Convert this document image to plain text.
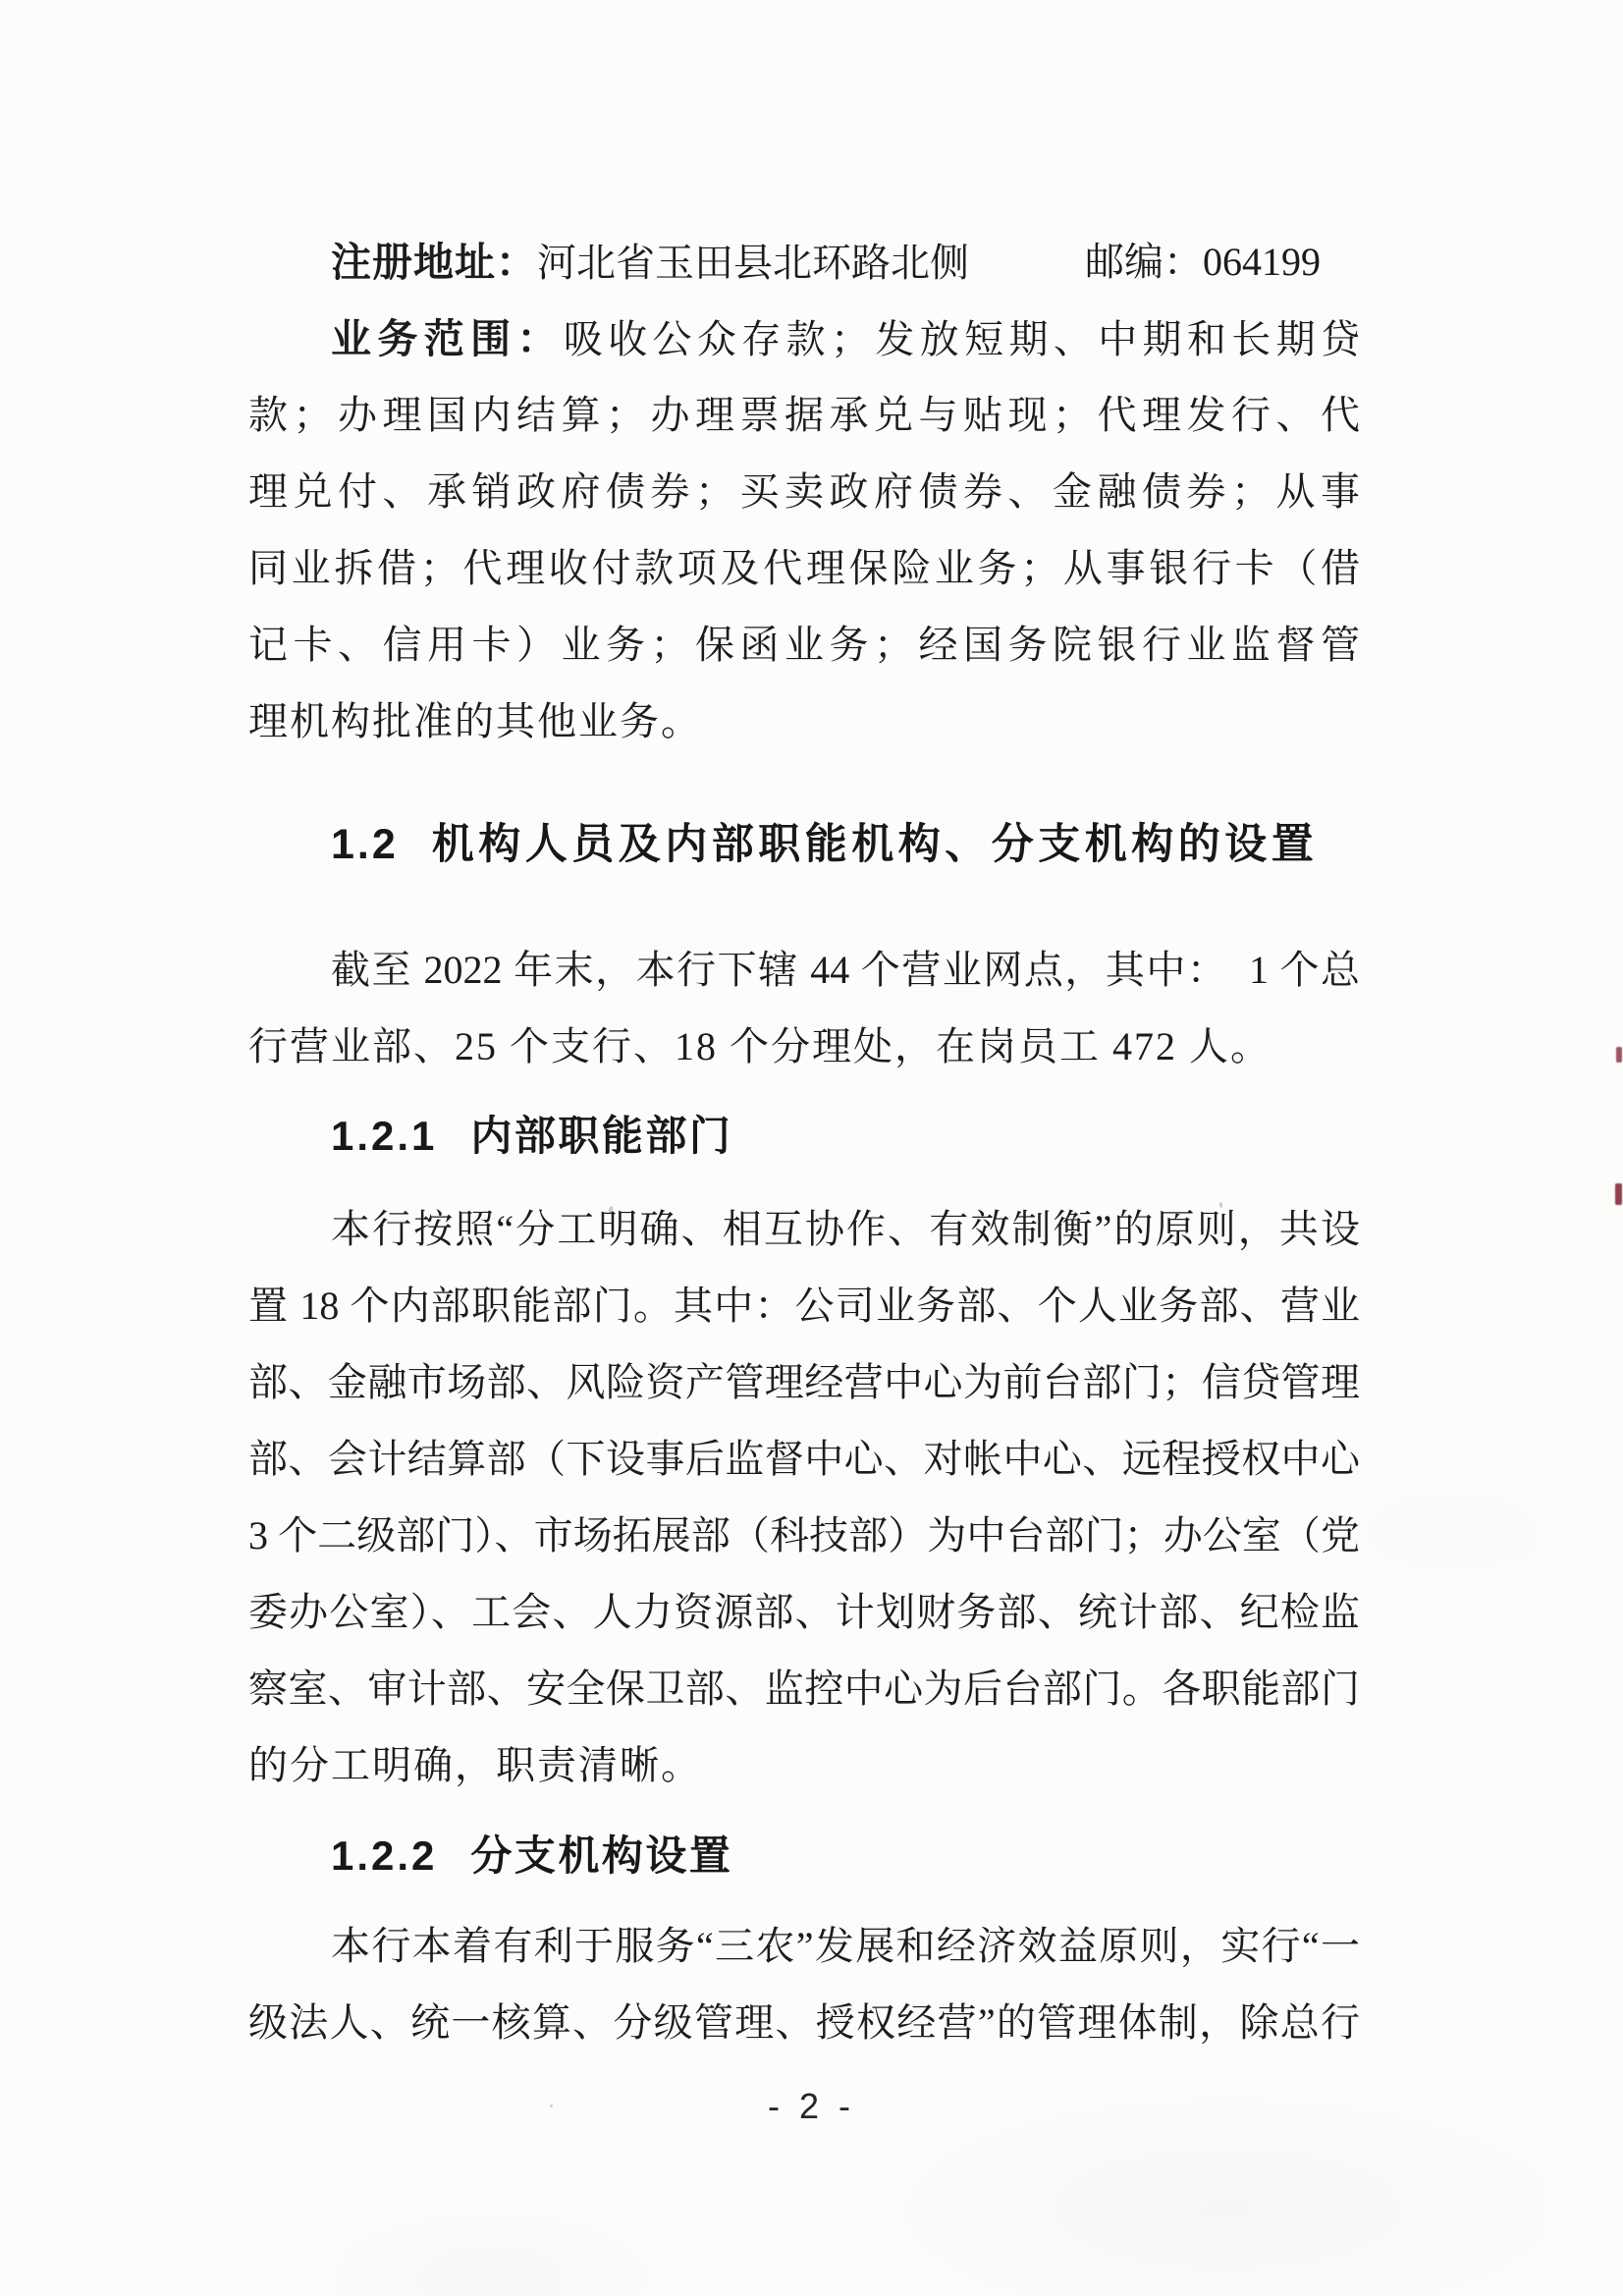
注册地址：河北省玉田县北环路北侧	邮编：064199
业务范围：吸收公众存款；发放短期、中期和长期贷
款；办理国内结算；办理票据承兑与贴现；代理发行、代
理兑付、承销政府债券；买卖政府债券、金融债券；从事
同业拆借；代理收付款项及代理保险业务；从事银行卡（借
记卡、信用卡）业务；保函业务；经国务院银行业监督管
理机构批准的其他业务。
1.2 机构人员及内部职能机构、分支机构的设置
截至 2022 年末，本行下辖 44 个营业网点，其中：　1 个总
行营业部、25 个支行、18 个分理处，在岗员工 472 人。
1.2.1 内部职能部门
本行按照“分工明确、相互协作、有效制衡”的原则，共设
置 18 个内部职能部门。其中：公司业务部、个人业务部、营业
部、金融市场部、风险资产管理经营中心为前台部门；信贷管理
部、会计结算部（下设事后监督中心、对帐中心、远程授权中心
3 个二级部门）、市场拓展部（科技部）为中台部门；办公室（党
委办公室）、工会、人力资源部、计划财务部、统计部、纪检监
察室、审计部、安全保卫部、监控中心为后台部门。各职能部门
的分工明确，职责清晰。
1.2.2 分支机构设置
本行本着有利于服务“三农”发展和经济效益原则，实行“一
级法人、统一核算、分级管理、授权经营”的管理体制，除总行
- 2 -
